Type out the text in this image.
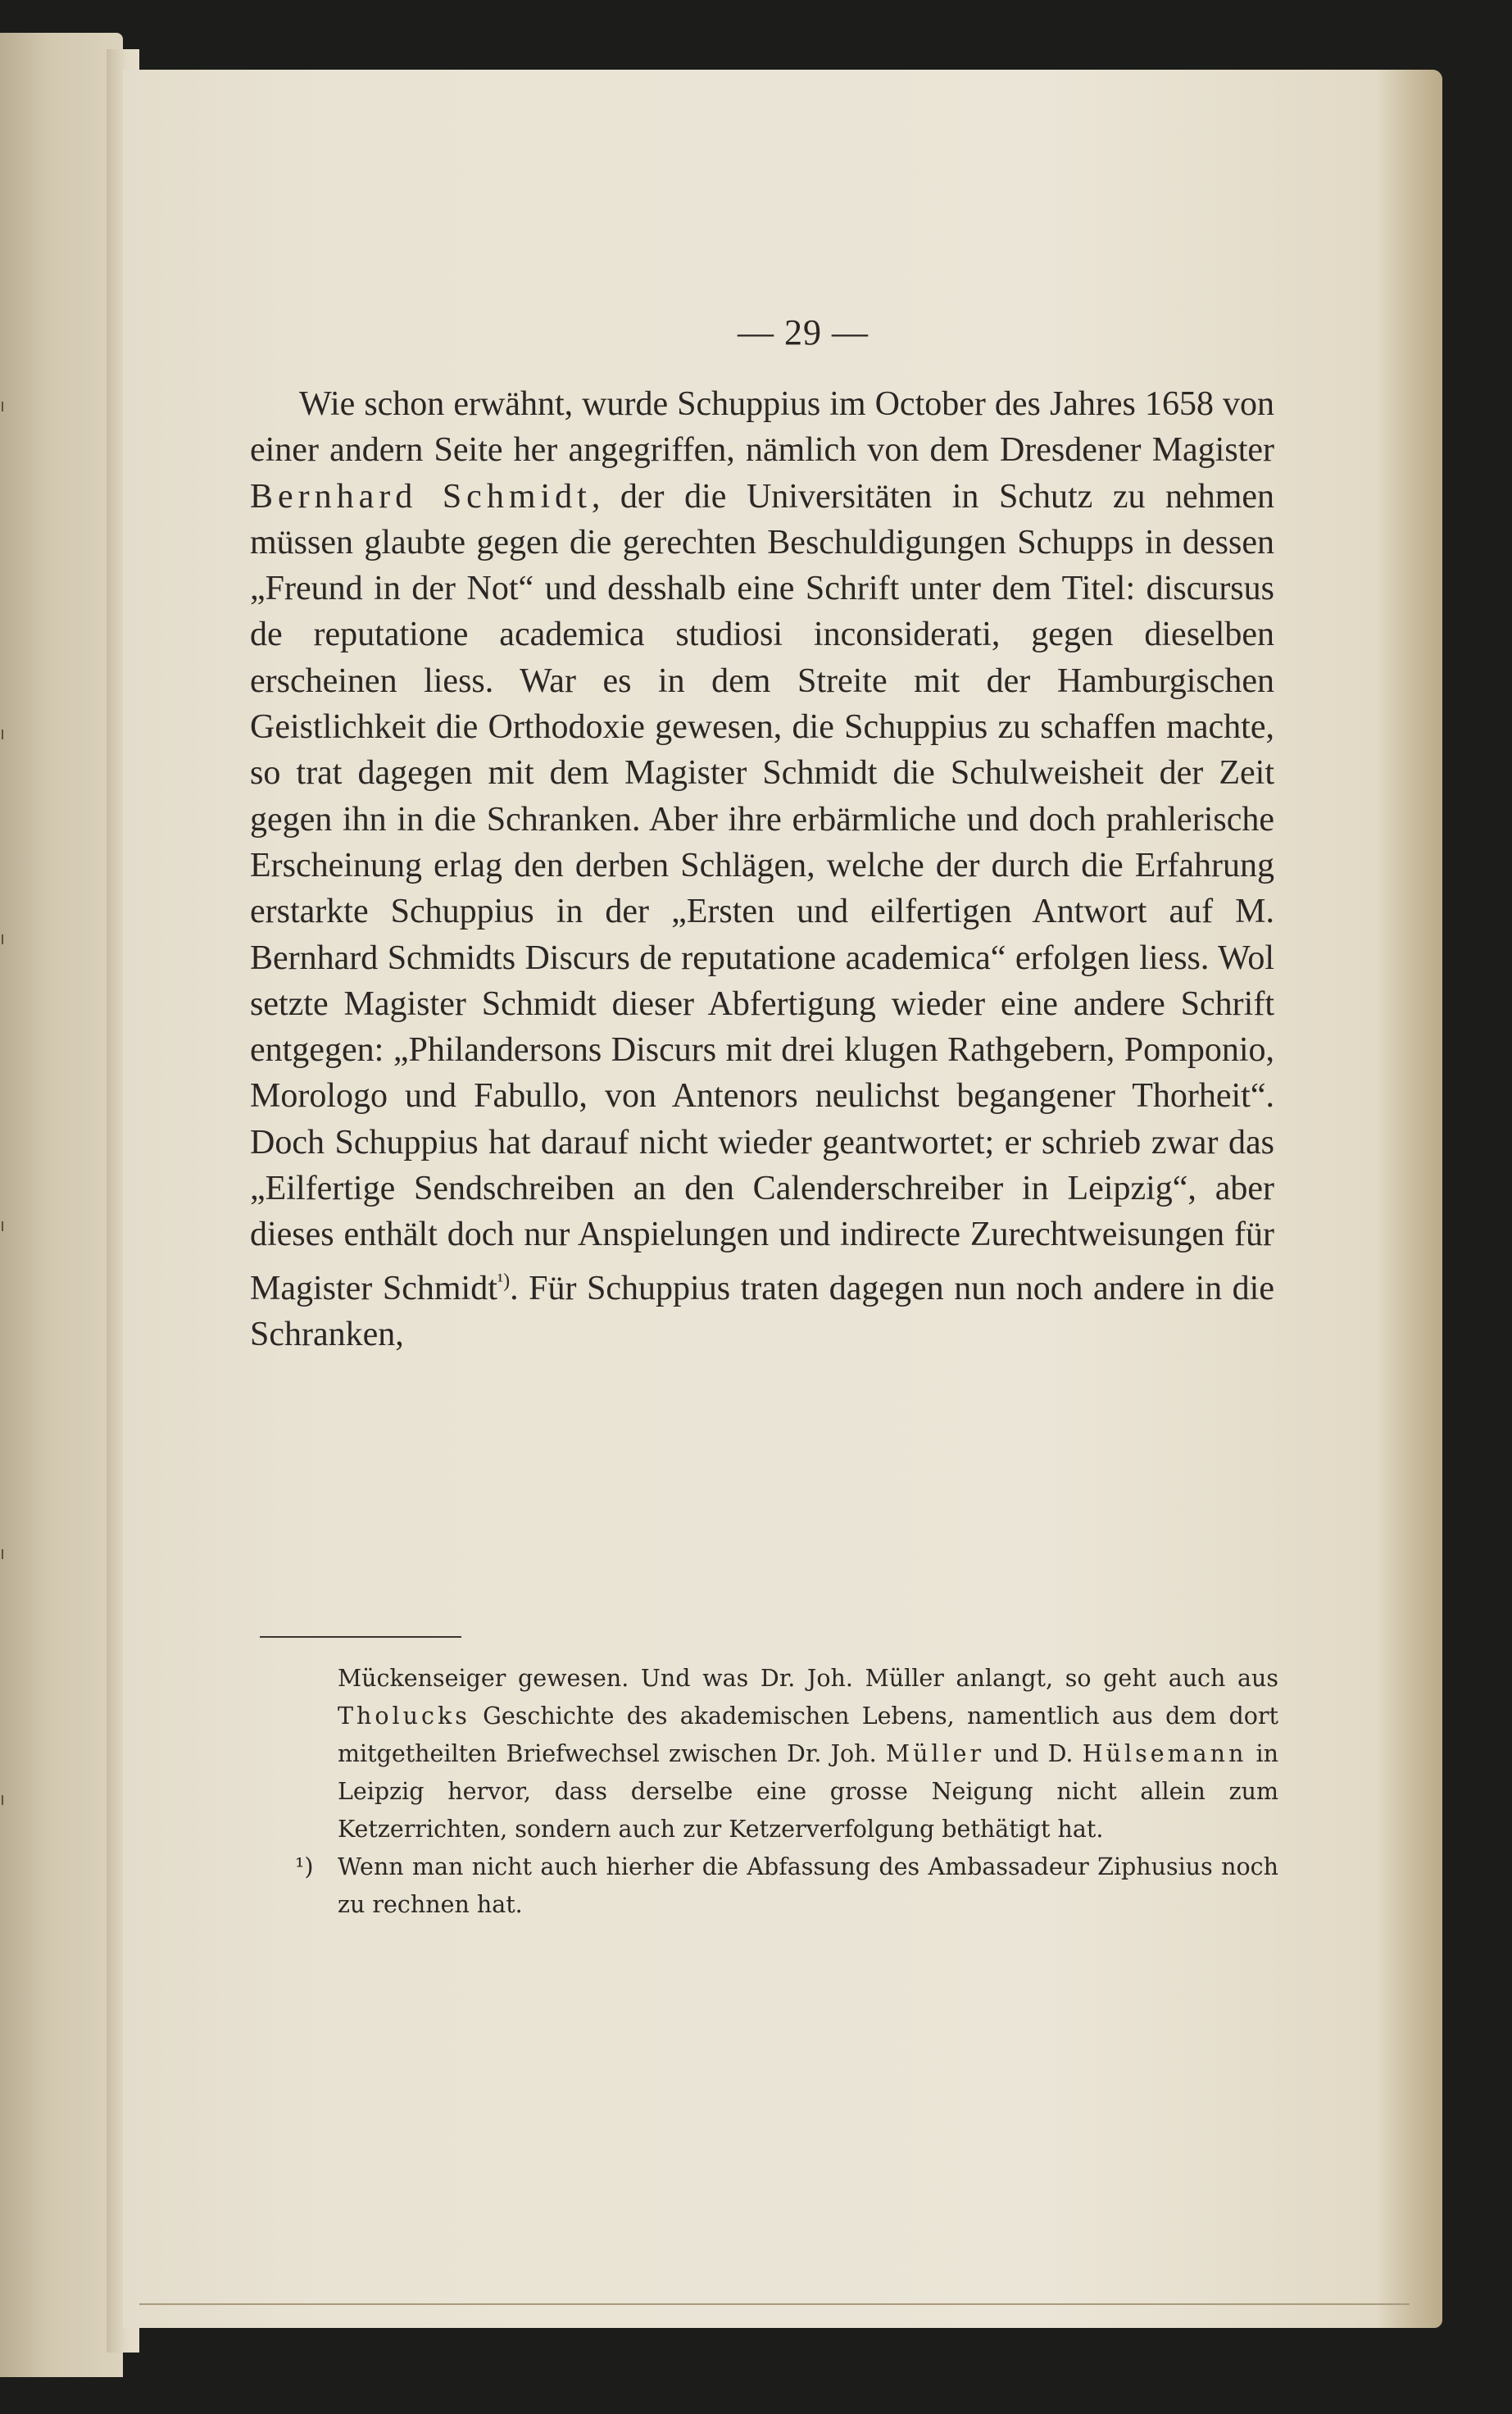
— 29 —
Wie schon erwähnt, wurde Schuppius im October des Jahres 1658 von einer andern Seite her angegriffen, nämlich von dem Dresdener Magister Bernhard Schmidt, der die Universitäten in Schutz zu nehmen müssen glaubte gegen die gerechten Beschuldigungen Schupps in dessen „Freund in der Not“ und desshalb eine Schrift unter dem Titel: discursus de reputatione academica studiosi inconsiderati, gegen dieselben erscheinen liess. War es in dem Streite mit der Hamburgischen Geistlichkeit die Orthodoxie gewesen, die Schuppius zu schaffen machte, so trat dagegen mit dem Magister Schmidt die Schulweisheit der Zeit gegen ihn in die Schranken. Aber ihre erbärmliche und doch prahlerische Erscheinung erlag den derben Schlägen, welche der durch die Erfahrung erstarkte Schuppius in der „Ersten und eilfertigen Antwort auf M. Bernhard Schmidts Discurs de reputatione academica“ erfolgen liess. Wol setzte Magister Schmidt dieser Abfertigung wieder eine andere Schrift entgegen: „Philandersons Discurs mit drei klugen Rathgebern, Pomponio, Morologo und Fabullo, von Antenors neulichst begangener Thorheit“. Doch Schuppius hat darauf nicht wieder geantwortet; er schrieb zwar das „Eilfertige Sendschreiben an den Calenderschreiber in Leipzig“, aber dieses enthält doch nur Anspielungen und indirecte Zurechtweisungen für Magister Schmidt$^{^1)}$. Für Schuppius traten dagegen nun noch andere in die Schranken,

Mückenseiger gewesen. Und was Dr. Joh. Müller anlangt, so geht auch aus Tholucks Geschichte des akademischen Lebens, namentlich aus dem dort mitgetheilten Briefwechsel zwischen Dr. Joh. Müller und D. Hülsemann in Leipzig hervor, dass derselbe eine grosse Neigung nicht allein zum Ketzerrichten, sondern auch zur Ketzerverfolgung bethätigt hat.

¹) Wenn man nicht auch hierher die Abfassung des Ambassadeur Ziphusius noch zu rechnen hat.
